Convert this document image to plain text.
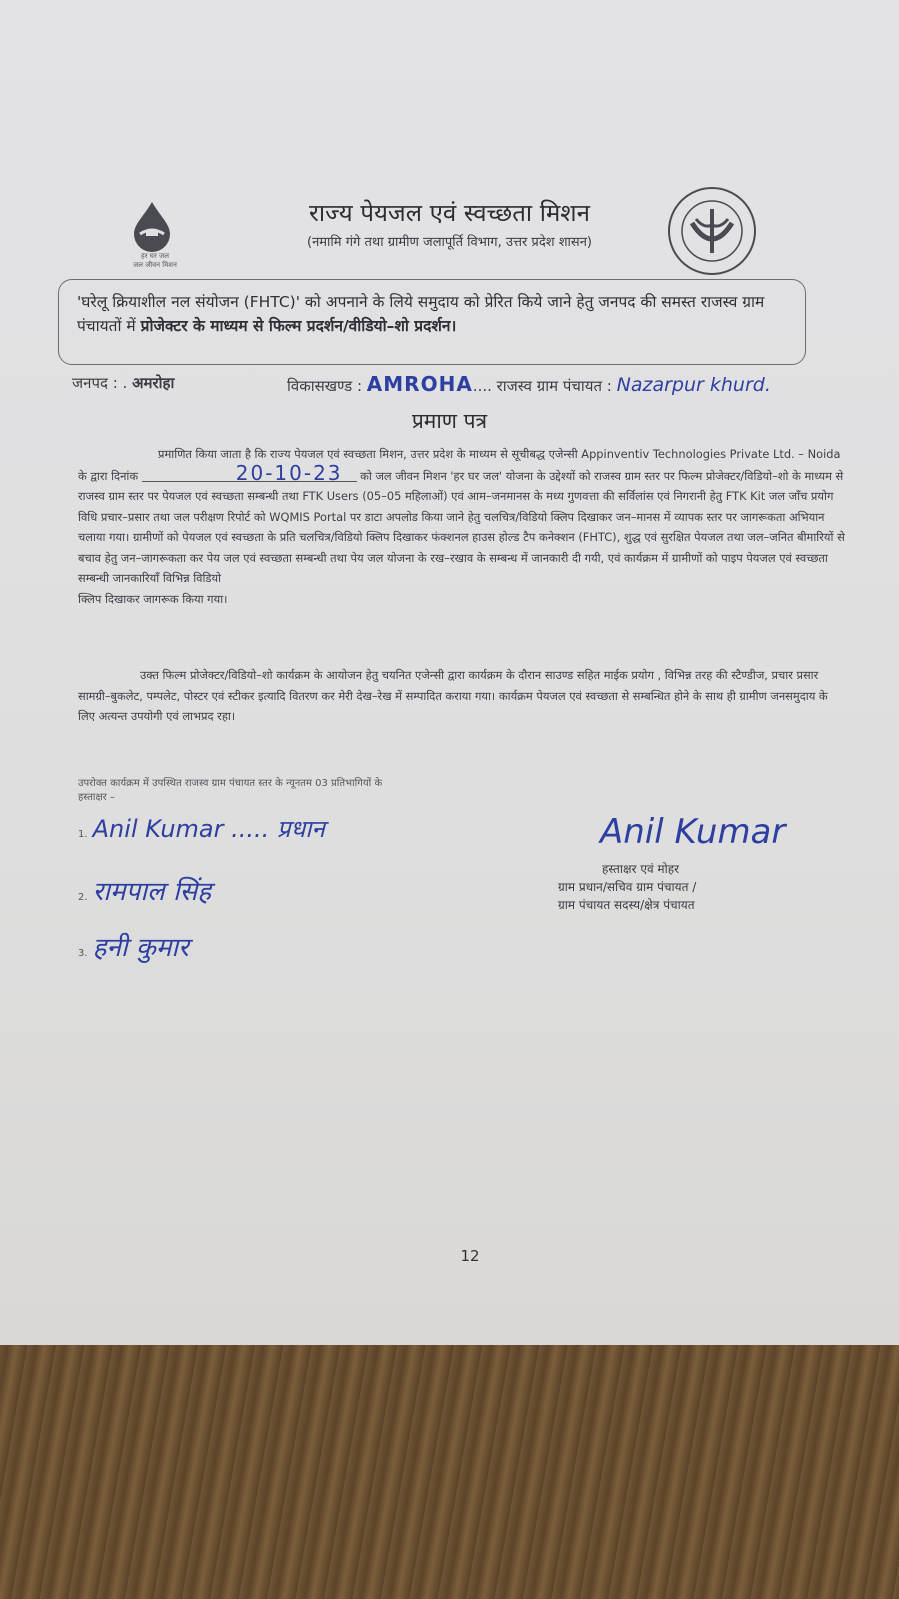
हर घर जल
जल जीवन मिशन
राज्य पेयजल एवं स्वच्छता मिशन
(नमामि गंगे तथा ग्रामीण जलापूर्ति विभाग, उत्तर प्रदेश शासन)
'घरेलू क्रियाशील नल संयोजन (FHTC)' को अपनाने के लिये समुदाय को प्रेरित किये जाने हेतु जनपद की समस्त राजस्व ग्राम पंचायतों में प्रोजेक्टर के माध्यम से फिल्म प्रदर्शन/वीडियो–शो प्रदर्शन।
जनपद : . अमरोहा	विकासखण्ड : AMROHA.... राजस्व ग्राम पंचायत : Nazarpur khurd.
प्रमाण पत्र
प्रमाणित किया जाता है कि राज्य पेयजल एवं स्वच्छता मिशन, उत्तर प्रदेश के माध्यम से सूचीबद्ध एजेन्सी Appinventiv Technologies Private Ltd. – Noida के द्वारा दिनांक	20-10-23 को जल जीवन मिशन 'हर घर जल' योजना के उद्देश्यों को राजस्व ग्राम स्तर पर फिल्म प्रोजेक्टर/विडियो–शो के माध्यम से राजस्व ग्राम स्तर पर पेयजल एवं स्वच्छता सम्बन्धी तथा FTK Users (05–05 महिलाओं) एवं आम–जनमानस के मध्य गुणवत्ता की सर्विलांस एवं निगरानी हेतु FTK Kit जल जाँच प्रयोग विधि प्रचार–प्रसार तथा जल परीक्षण रिपोर्ट को WQMIS Portal पर डाटा अपलोड किया जाने हेतु चलचित्र/विडियो क्लिप दिखाकर जन–मानस में व्यापक स्तर पर जागरूकता अभियान चलाया गया। ग्रामीणों को पेयजल एवं स्वच्छता के प्रति चलचित्र/विडियो क्लिप दिखाकर फंक्शनल हाउस होल्ड टैप कनेक्शन (FHTC), शुद्ध एवं सुरक्षित पेयजल तथा जल–जनित बीमारियों से बचाव हेतु जन–जागरूकता कर पेय जल एवं स्वच्छता सम्बन्धी तथा पेय जल योजना के रख–रखाव के सम्बन्ध में जानकारी दी गयी, एवं कार्यक्रम में ग्रामीणों को पाइप पेयजल एवं स्वच्छता सम्बन्धी जानकारियाँ विभिन्न विडियो
क्लिप दिखाकर जागरूक किया गया।
उक्त फिल्म प्रोजेक्टर/विडियो–शो कार्यक्रम के आयोजन हेतु चयनित एजेन्सी द्वारा कार्यक्रम के दौरान साउण्ड सहित माईक प्रयोग , विभिन्न तरह की स्टैण्डीज, प्रचार प्रसार सामग्री–बुकलेट, पम्पलेट, पोस्टर एवं स्टीकर इत्यादि वितरण कर मेरी देख–रेख में सम्पादित कराया गया। कार्यक्रम पेयजल एवं स्वच्छता से सम्बन्धित होने के साथ ही ग्रामीण जनसमुदाय के लिए अत्यन्त उपयोगी एवं लाभप्रद रहा।
उपरोक्त कार्यक्रम में उपस्थित राजस्व ग्राम पंचायत स्तर के न्यूनतम 03 प्रतिभागियों के
हस्ताक्षर –
1. Anil Kumar ..... प्रधान
2. रामपाल सिंह
3. हनी कुमार
Anil Kumar
हस्ताक्षर एवं मोहर
ग्राम प्रधान/सचिव ग्राम पंचायत /
ग्राम पंचायत सदस्य/क्षेत्र पंचायत
12
